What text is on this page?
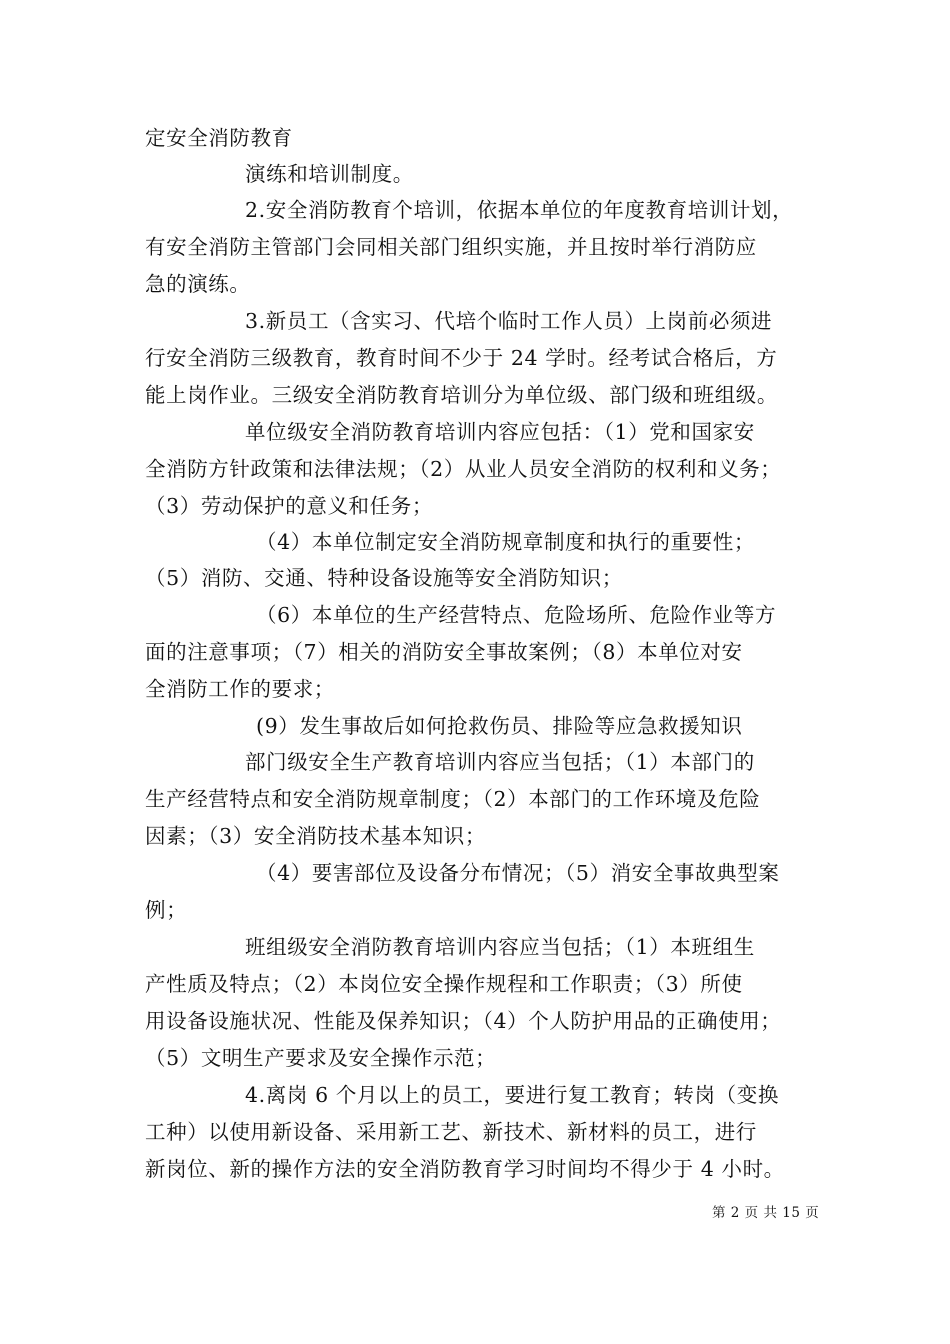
定安全消防教育
演练和培训制度。
2.安全消防教育个培训，依据本单位的年度教育培训计划，
有安全消防主管部门会同相关部门组织实施，并且按时举行消防应
急的演练。
3.新员工（含实习、代培个临时工作人员）上岗前必须进
行安全消防三级教育，教育时间不少于 24 学时。经考试合格后，方
能上岗作业。三级安全消防教育培训分为单位级、部门级和班组级。
单位级安全消防教育培训内容应包括：（1）党和国家安
全消防方针政策和法律法规；（2）从业人员安全消防的权利和义务；
（3）劳动保护的意义和任务；
（4）本单位制定安全消防规章制度和执行的重要性；
（5）消防、交通、特种设备设施等安全消防知识；
（6）本单位的生产经营特点、危险场所、危险作业等方
面的注意事项；（7）相关的消防安全事故案例；（8）本单位对安
全消防工作的要求；
(9）发生事故后如何抢救伤员、排险等应急救援知识
部门级安全生产教育培训内容应当包括；（1）本部门的
生产经营特点和安全消防规章制度；（2）本部门的工作环境及危险
因素；（3）安全消防技术基本知识；
（4）要害部位及设备分布情况；（5）消安全事故典型案
例；
班组级安全消防教育培训内容应当包括；（1）本班组生
产性质及特点；（2）本岗位安全操作规程和工作职责；（3）所使
用设备设施状况、性能及保养知识；（4）个人防护用品的正确使用；
（5）文明生产要求及安全操作示范；
4.离岗 6 个月以上的员工，要进行复工教育；转岗（变换
工种）以使用新设备、采用新工艺、新技术、新材料的员工，进行
新岗位、新的操作方法的安全消防教育学习时间均不得少于 4 小时。
第 2 页 共 15 页
